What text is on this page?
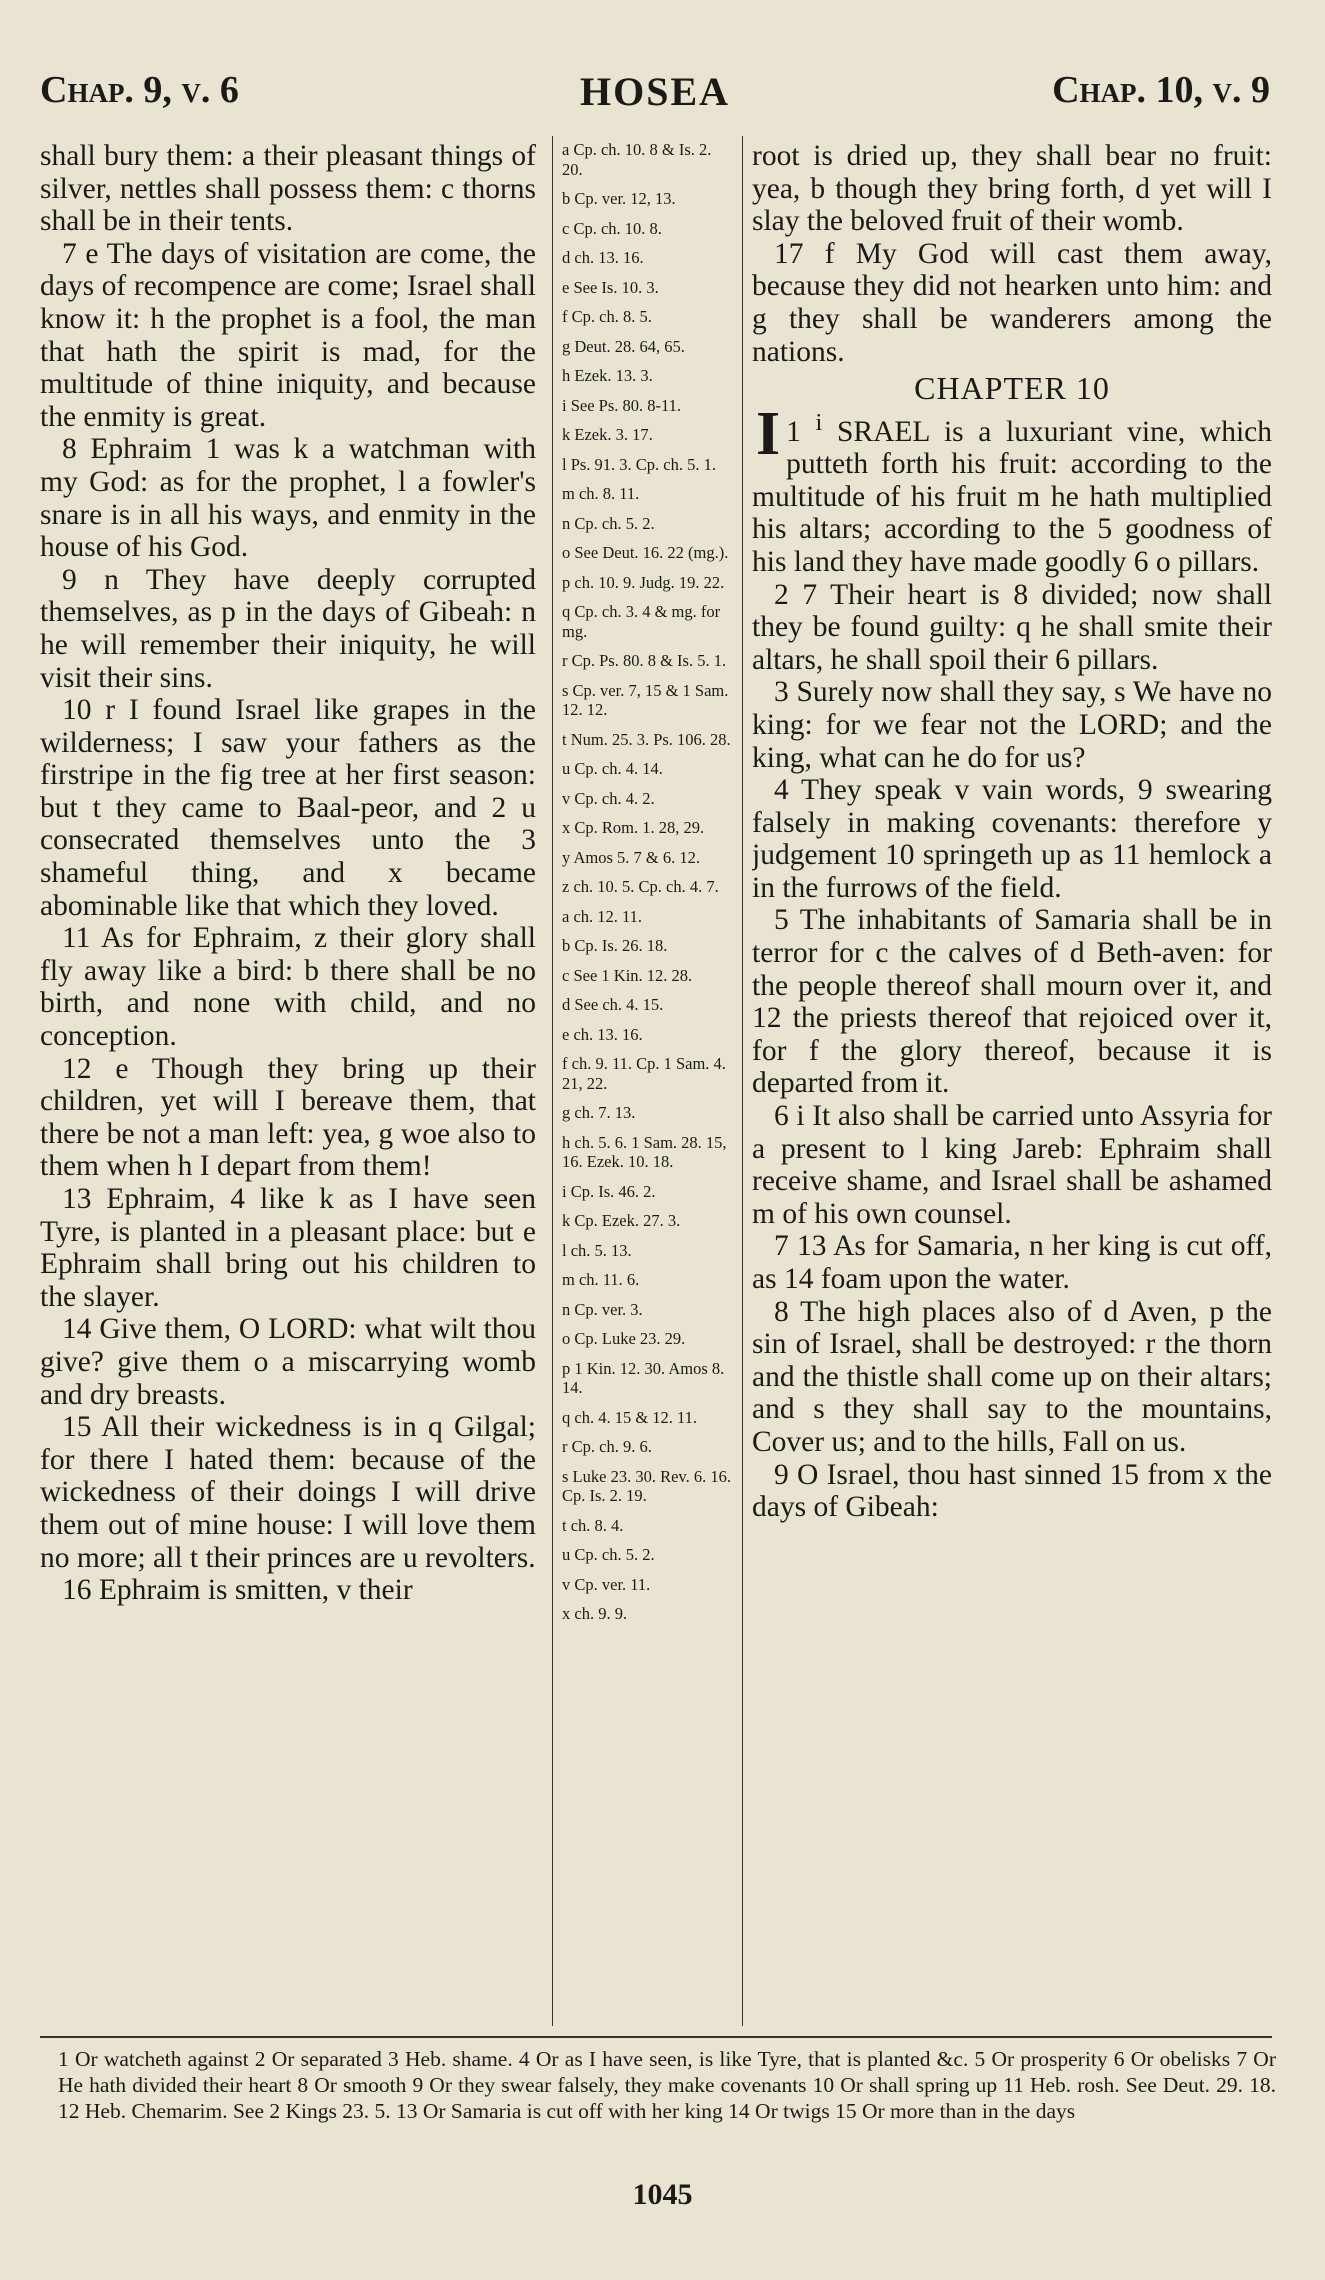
Chap. 9, v. 6	HOSEA	Chap. 10, v. 9

shall bury them: a their pleasant things of silver, nettles shall possess them: c thorns shall be in their tents.

7 e The days of visitation are come, the days of recompence are come; Israel shall know it: h the prophet is a fool, the man that hath the spirit is mad, for the multitude of thine iniquity, and because the enmity is great.

8 Ephraim 1 was k a watchman with my God: as for the prophet, l a fowler's snare is in all his ways, and enmity in the house of his God.

9 n They have deeply corrupted themselves, as p in the days of Gibeah: n he will remember their iniquity, he will visit their sins.

10 r I found Israel like grapes in the wilderness; I saw your fathers as the firstripe in the fig tree at her first season: but t they came to Baal-peor, and 2 u consecrated themselves unto the 3 shameful thing, and x became abominable like that which they loved.

11 As for Ephraim, z their glory shall fly away like a bird: b there shall be no birth, and none with child, and no conception.

12 e Though they bring up their children, yet will I bereave them, that there be not a man left: yea, g woe also to them when h I depart from them!

13 Ephraim, 4 like k as I have seen Tyre, is planted in a pleasant place: but e Ephraim shall bring out his children to the slayer.

14 Give them, O LORD: what wilt thou give? give them o a miscarrying womb and dry breasts.

15 All their wickedness is in q Gilgal; for there I hated them: because of the wickedness of their doings I will drive them out of mine house: I will love them no more; all t their princes are u revolters.

16 Ephraim is smitten, v their

a Cp. ch. 10. 8 & Is. 2. 20.
b Cp. ver. 12, 13.
c Cp. ch. 10. 8.
d ch. 13. 16.
e See Is. 10. 3.
f Cp. ch. 8. 5.
g Deut. 28. 64, 65.
h Ezek. 13. 3.
i See Ps. 80. 8-11.
k Ezek. 3. 17.
l Ps. 91. 3. Cp. ch. 5. 1.
m ch. 8. 11.
n Cp. ch. 5. 2.
o See Deut. 16. 22 (mg.).
p ch. 10. 9. Judg. 19. 22.
q Cp. ch. 3. 4 & mg. for mg.
r Cp. Ps. 80. 8 & Is. 5. 1.
s Cp. ver. 7, 15 & 1 Sam. 12. 12.
t Num. 25. 3. Ps. 106. 28.
u Cp. ch. 4. 14.
v Cp. ch. 4. 2.
x Cp. Rom. 1. 28, 29.
y Amos 5. 7 & 6. 12.
z ch. 10. 5. Cp. ch. 4. 7.
a ch. 12. 11.
b Cp. Is. 26. 18.
c See 1 Kin. 12. 28.
d See ch. 4. 15.
e ch. 13. 16.
f ch. 9. 11. Cp. 1 Sam. 4. 21, 22.
g ch. 7. 13.
h ch. 5. 6. 1 Sam. 28. 15, 16. Ezek. 10. 18.
i Cp. Is. 46. 2.
k Cp. Ezek. 27. 3.
l ch. 5. 13.
m ch. 11. 6.
n Cp. ver. 3.
o Cp. Luke 23. 29.
p 1 Kin. 12. 30. Amos 8. 14.
q ch. 4. 15 & 12. 11.
r Cp. ch. 9. 6.
s Luke 23. 30. Rev. 6. 16. Cp. Is. 2. 19.
t ch. 8. 4.
u Cp. ch. 5. 2.
v Cp. ver. 11.
x ch. 9. 9.

root is dried up, they shall bear no fruit: yea, b though they bring forth, d yet will I slay the beloved fruit of their womb.

17 f My God will cast them away, because they did not hearken unto him: and g they shall be wanderers among the nations.

CHAPTER 10

I 1 $^i$ SRAEL is a luxuriant vine, which putteth forth his fruit: according to the multitude of his fruit m he hath multiplied his altars; according to the 5 goodness of his land they have made goodly 6 o pillars.

2 7 Their heart is 8 divided; now shall they be found guilty: q he shall smite their altars, he shall spoil their 6 pillars.

3 Surely now shall they say, s We have no king: for we fear not the LORD; and the king, what can he do for us?

4 They speak v vain words, 9 swearing falsely in making covenants: therefore y judgement 10 springeth up as 11 hemlock a in the furrows of the field.

5 The inhabitants of Samaria shall be in terror for c the calves of d Beth-aven: for the people thereof shall mourn over it, and 12 the priests thereof that rejoiced over it, for f the glory thereof, because it is departed from it.

6 i It also shall be carried unto Assyria for a present to l king Jareb: Ephraim shall receive shame, and Israel shall be ashamed m of his own counsel.

7 13 As for Samaria, n her king is cut off, as 14 foam upon the water.

8 The high places also of d Aven, p the sin of Israel, shall be destroyed: r the thorn and the thistle shall come up on their altars; and s they shall say to the mountains, Cover us; and to the hills, Fall on us.

9 O Israel, thou hast sinned 15 from x the days of Gibeah:

1 Or watcheth against 2 Or separated 3 Heb. shame. 4 Or as I have seen, is like Tyre, that is planted &c. 5 Or prosperity 6 Or obelisks 7 Or He hath divided their heart 8 Or smooth 9 Or they swear falsely, they make covenants 10 Or shall spring up 11 Heb. rosh. See Deut. 29. 18. 12 Heb. Chemarim. See 2 Kings 23. 5. 13 Or Samaria is cut off with her king 14 Or twigs 15 Or more than in the days
1045
